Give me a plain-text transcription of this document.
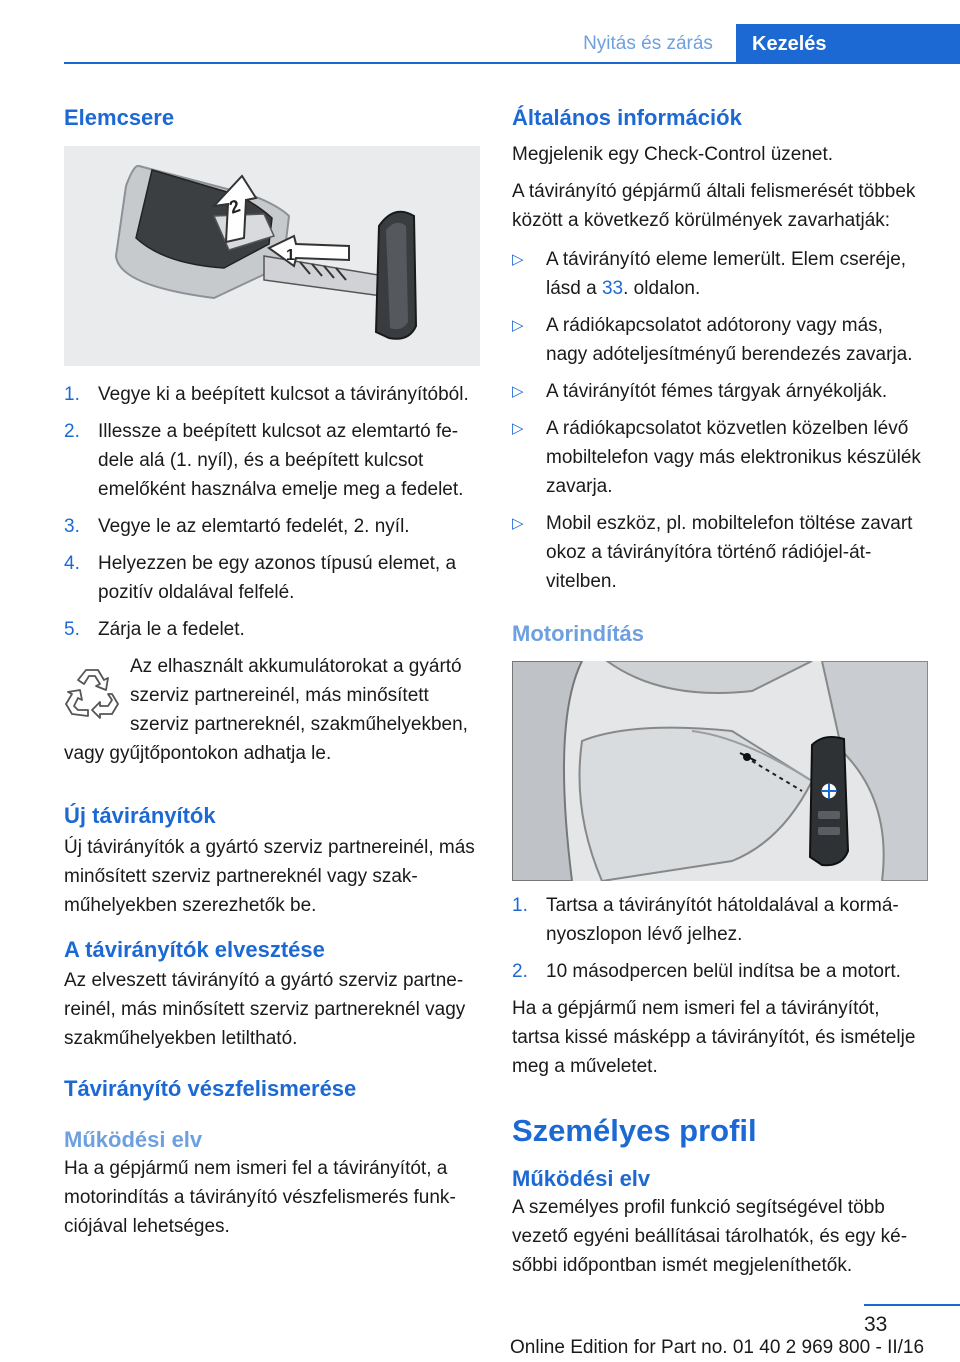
Nyitás és zárás	Kezelés
Elemcsere
2
1
1. Vegye ki a beépített kulcsot a távirányítóból.
2. Illessze a beépített kulcsot az elemtartó fedele alá (1. nyíl), és a beépített kulcsot emelőként használva emelje meg a fedelet.
3. Vegye le az elemtartó fedelét, 2. nyíl.
4. Helyezzen be egy azonos típusú elemet, a pozitív oldalával felfelé.
5. Zárja le a fedelet.
Az elhasznált akkumulátorokat a gyártó szerviz partnereinél, más minősített szerviz partnereknél, szakműhelyekben, vagy gyűjtőpontokon adhatja le.
Új távirányítók

Új távirányítók a gyártó szerviz partnereinél, más minősített szerviz partnereknél vagy szakműhelyekben szerezhetők be.

A távirányítók elvesztése

Az elveszett távirányító a gyártó szerviz partnereinél, más minősített szerviz partnereknél vagy szakműhelyekben letiltható.

Távirányító vészfelismerése
Működési elv

Ha a gépjármű nem ismeri fel a távirányítót, a motorindítás a távirányító vészfelismerés funkciójával lehetséges.

Általános információk

Megjelenik egy Check-Control üzenet.

A távirányító gépjármű általi felismerését többek között a következő körülmények zavarhatják:

▷	A távirányító eleme lemerült. Elem cseréje, lásd a 33. oldalon.
▷	A rádiókapcsolatot adótorony vagy más, nagy adóteljesítményű berendezés zavarja.
▷	A távirányítót fémes tárgyak árnyékolják.
▷	A rádiókapcsolatot közvetlen közelben lévő mobiltelefon vagy más elektronikus készülék zavarja.
▷	Mobil eszköz, pl. mobiltelefon töltése zavart okoz a távirányítóra történő rádiójel-átvitelben.
Motorindítás
1. Tartsa a távirányítót hátoldalával a kormányoszlopon lévő jelhez.
2. 10 másodpercen belül indítsa be a motort.

Ha a gépjármű nem ismeri fel a távirányítót, tartsa kissé másképp a távirányítót, és ismételje meg a műveletet.

Személyes profil
Működési elv

A személyes profil funkció segítségével több vezető egyéni beállításai tárolhatók, és egy későbbi időpontban ismét megjeleníthetők.

33
Online Edition for Part no. 01 40 2 969 800 - II/16
